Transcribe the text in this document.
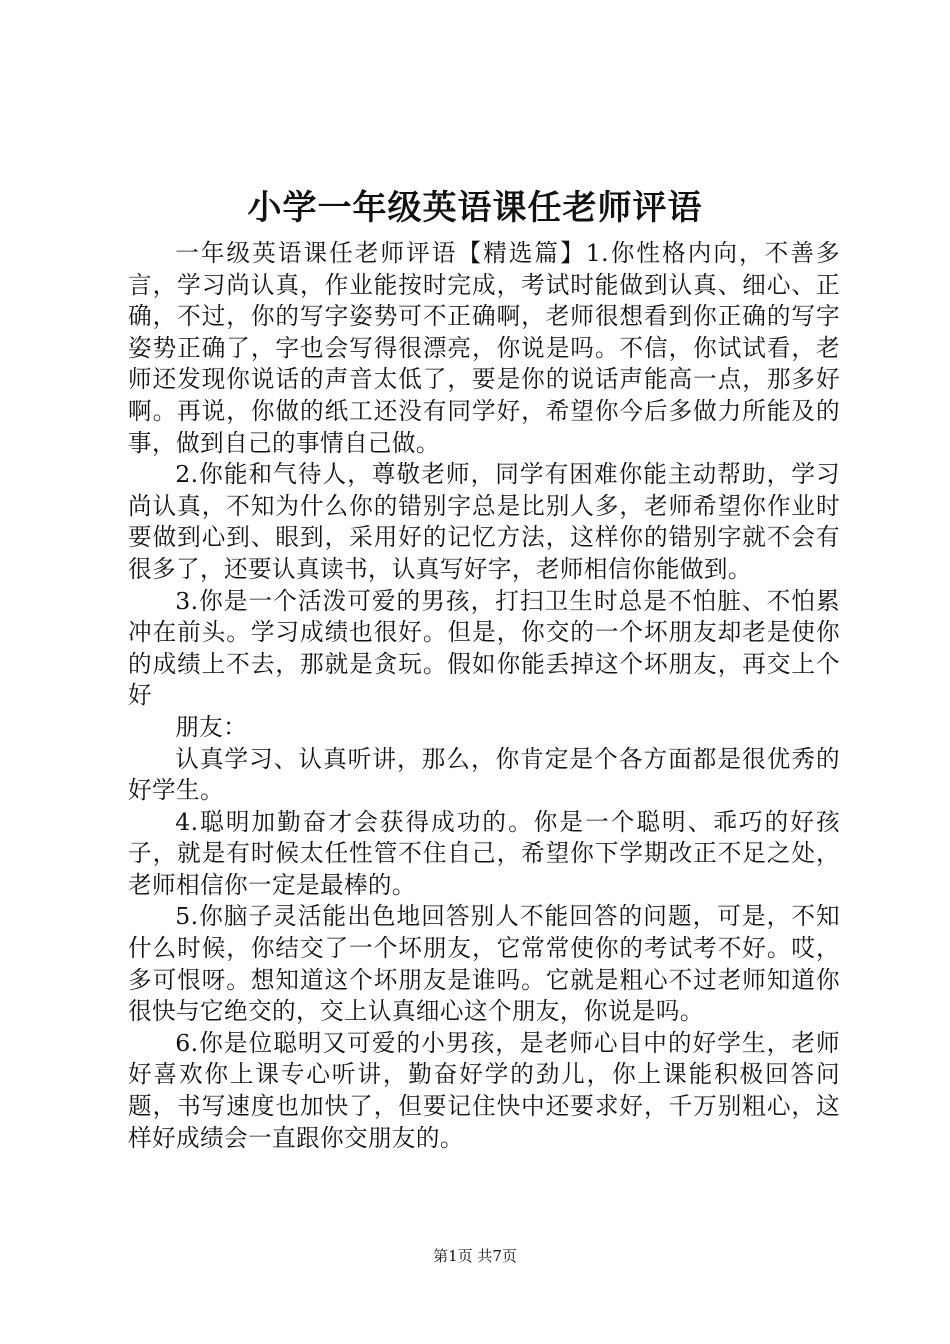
小学一年级英语课任老师评语

一年级英语课任老师评语【精选篇】1.你性格内向，不善多言，学习尚认真，作业能按时完成，考试时能做到认真、细心、正确，不过，你的写字姿势可不正确啊，老师很想看到你正确的写字姿势正确了，字也会写得很漂亮，你说是吗。不信，你试试看，老师还发现你说话的声音太低了，要是你的说话声能高一点，那多好啊。再说，你做的纸工还没有同学好，希望你今后多做力所能及的事，做到自己的事情自己做。

2.你能和气待人，尊敬老师，同学有困难你能主动帮助，学习尚认真，不知为什么你的错别字总是比别人多，老师希望你作业时要做到心到、眼到，采用好的记忆方法，这样你的错别字就不会有很多了，还要认真读书，认真写好字，老师相信你能做到。

3.你是一个活泼可爱的男孩，打扫卫生时总是不怕脏、不怕累冲在前头。学习成绩也很好。但是，你交的一个坏朋友却老是使你的成绩上不去，那就是贪玩。假如你能丢掉这个坏朋友，再交上个好

朋友：

认真学习、认真听讲，那么，你肯定是个各方面都是很优秀的好学生。

4.聪明加勤奋才会获得成功的。你是一个聪明、乖巧的好孩子，就是有时候太任性管不住自己，希望你下学期改正不足之处，老师相信你一定是最棒的。

5.你脑子灵活能出色地回答别人不能回答的问题，可是，不知什么时候，你结交了一个坏朋友，它常常使你的考试考不好。哎，多可恨呀。想知道这个坏朋友是谁吗。它就是粗心不过老师知道你很快与它绝交的，交上认真细心这个朋友，你说是吗。

6.你是位聪明又可爱的小男孩，是老师心目中的好学生，老师好喜欢你上课专心听讲，勤奋好学的劲儿，你上课能积极回答问题，书写速度也加快了，但要记住快中还要求好，千万别粗心，这样好成绩会一直跟你交朋友的。

第1页 共7页
